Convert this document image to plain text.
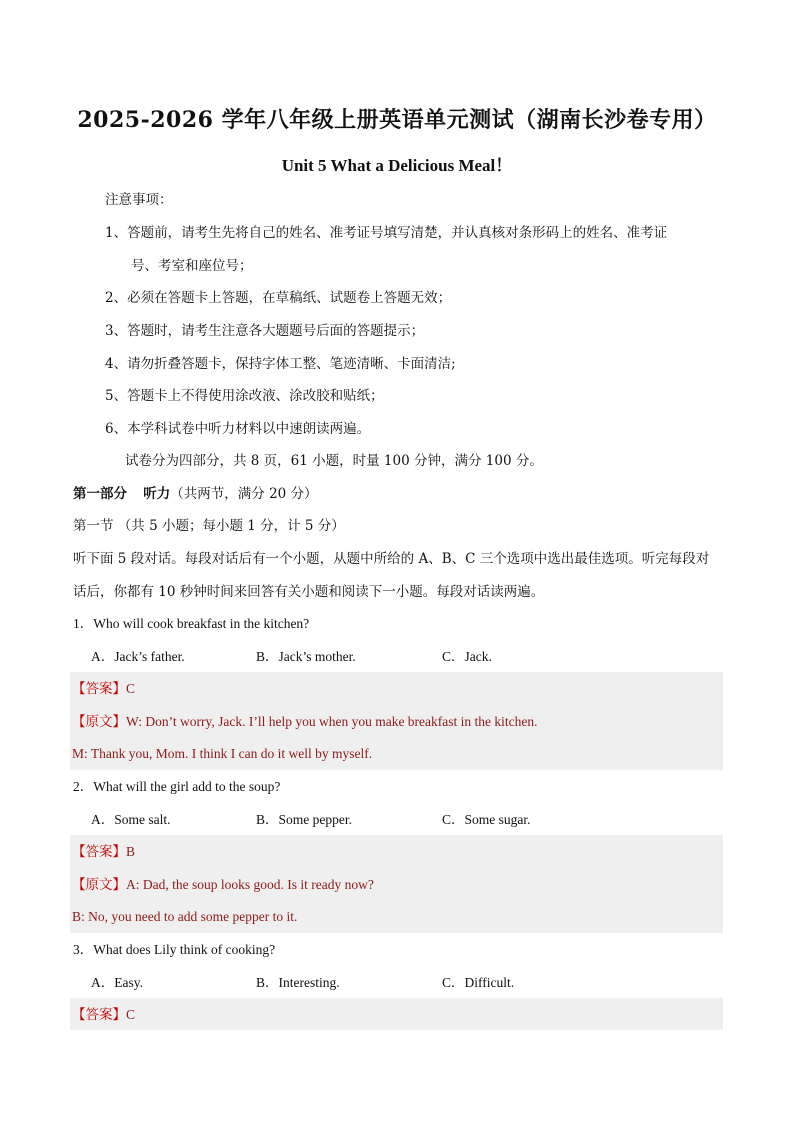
2025-2026 学年八年级上册英语单元测试（湖南长沙卷专用）
Unit 5 What a Delicious Meal！
注意事项：
1、答题前，请考生先将自己的姓名、准考证号填写清楚，并认真核对条形码上的姓名、准考证
号、考室和座位号；
2、必须在答题卡上答题，在草稿纸、试题卷上答题无效；
3、答题时，请考生注意各大题题号后面的答题提示；
4、请勿折叠答题卡，保持字体工整、笔迹清晰、卡面清洁;
5、答题卡上不得使用涂改液、涂改胶和贴纸；
6、本学科试卷中听力材料以中速朗读两遍。
试卷分为四部分，共 8 页，61 小题，时量 100 分钟，满分 100 分。
第一部分 听力（共两节，满分 20 分）
第一节 （共 5 小题；每小题 1 分，计 5 分）
听下面 5 段对话。每段对话后有一个小题，从题中所给的 A、B、C 三个选项中选出最佳选项。听完每段对
话后，你都有 10 秒钟时间来回答有关小题和阅读下一小题。每段对话读两遍。
1．Who will cook breakfast in the kitchen?
A．Jack’s father.	B．Jack’s mother.	C．Jack.
【答案】C
【原文】W: Don’t worry, Jack. I’ll help you when you make breakfast in the kitchen.
M: Thank you, Mom. I think I can do it well by myself.
2．What will the girl add to the soup?
A．Some salt.	B．Some pepper.	C．Some sugar.
【答案】B
【原文】A: Dad, the soup looks good. Is it ready now?
B: No, you need to add some pepper to it.
3．What does Lily think of cooking?
A．Easy.	B．Interesting.	C．Difficult.
【答案】C
